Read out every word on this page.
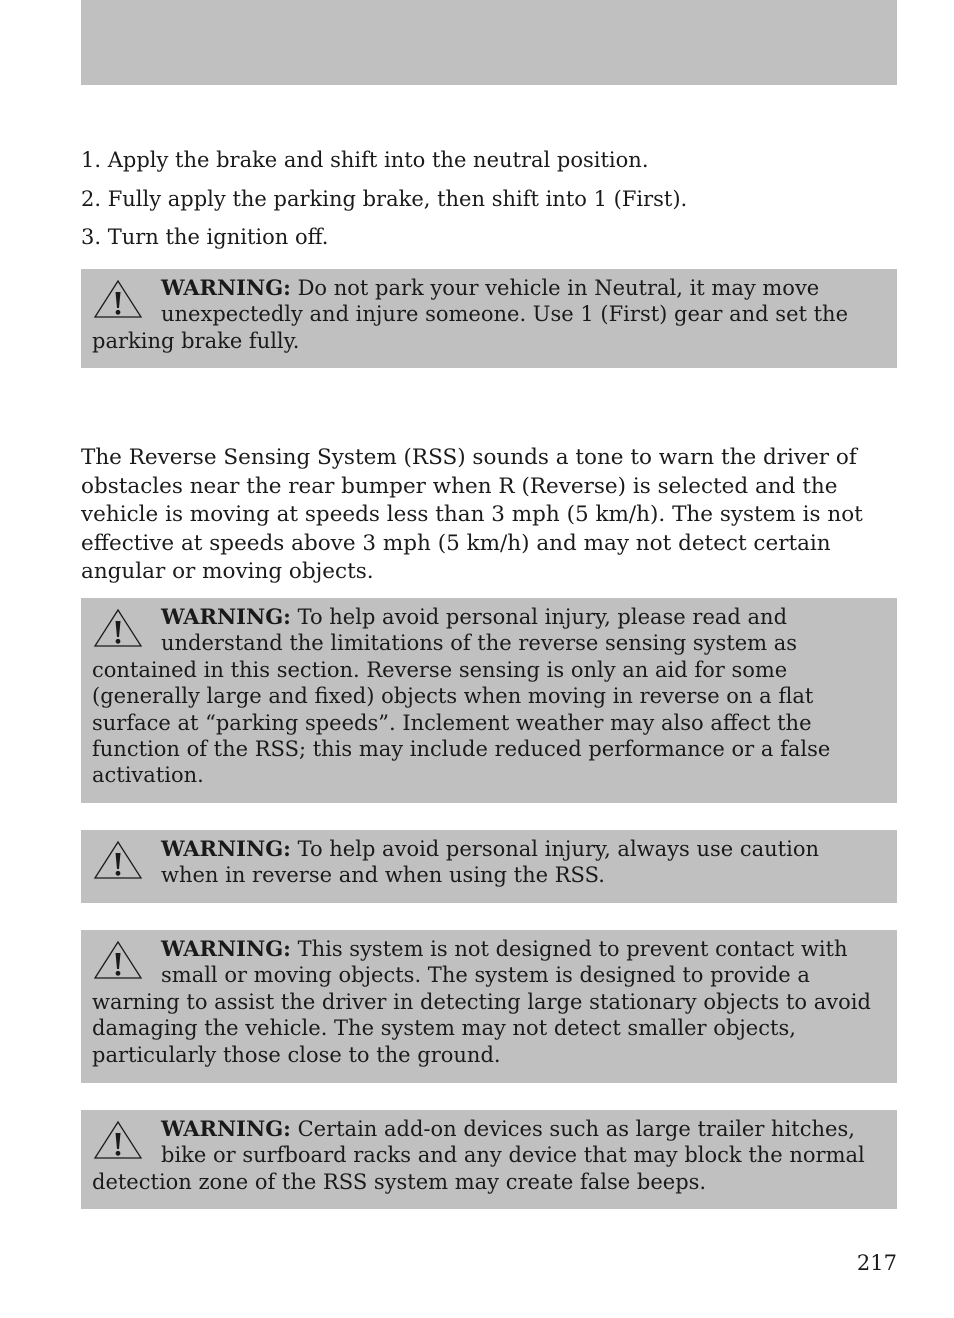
1. Apply the brake and shift into the neutral position.
2. Fully apply the parking brake, then shift into 1 (First).
3. Turn the ignition off.

WARNING: Do not park your vehicle in Neutral, it may move unexpectedly and injure someone. Use 1 (First) gear and set the parking brake fully.

The Reverse Sensing System (RSS) sounds a tone to warn the driver of obstacles near the rear bumper when R (Reverse) is selected and the vehicle is moving at speeds less than 3 mph (5 km/h). The system is not effective at speeds above 3 mph (5 km/h) and may not detect certain angular or moving objects.

WARNING: To help avoid personal injury, please read and understand the limitations of the reverse sensing system as contained in this section. Reverse sensing is only an aid for some (generally large and fixed) objects when moving in reverse on a flat surface at “parking speeds”. Inclement weather may also affect the function of the RSS; this may include reduced performance or a false activation.

WARNING: To help avoid personal injury, always use caution when in reverse and when using the RSS.

WARNING: This system is not designed to prevent contact with small or moving objects. The system is designed to provide a warning to assist the driver in detecting large stationary objects to avoid damaging the vehicle. The system may not detect smaller objects, particularly those close to the ground.

WARNING: Certain add-on devices such as large trailer hitches, bike or surfboard racks and any device that may block the normal detection zone of the RSS system may create false beeps.

217
